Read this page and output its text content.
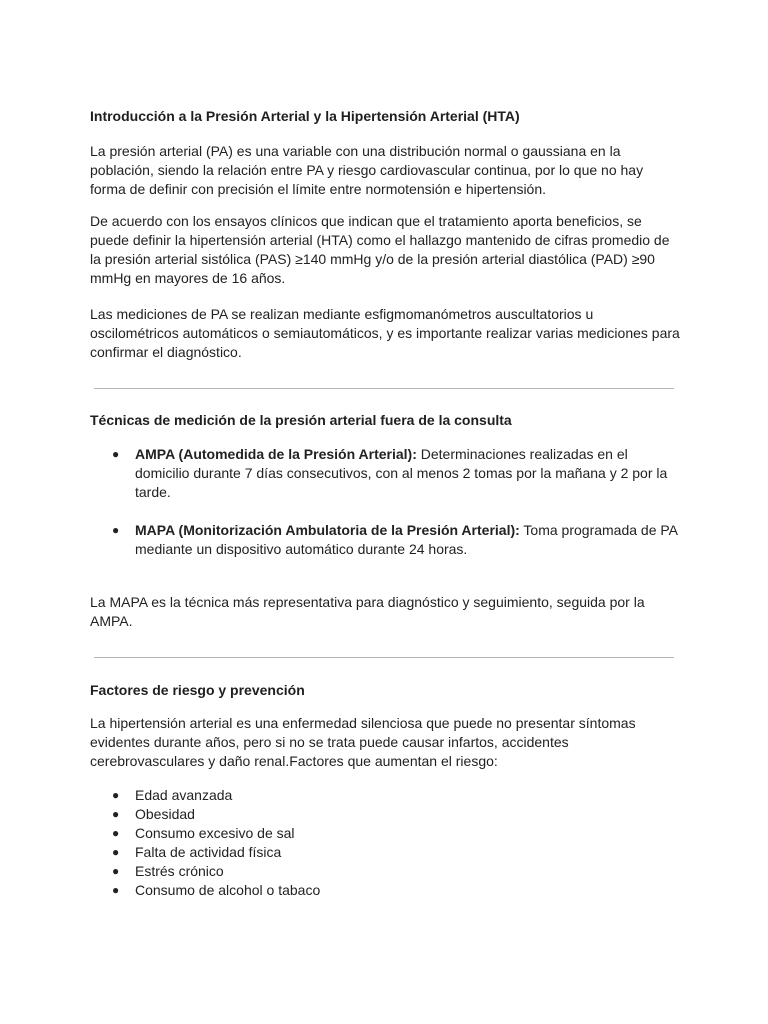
Introducción a la Presión Arterial y la Hipertensión Arterial (HTA)

La presión arterial (PA) es una variable con una distribución normal o gaussiana en la población, siendo la relación entre PA y riesgo cardiovascular continua, por lo que no hay forma de definir con precisión el límite entre normotensión e hipertensión.

De acuerdo con los ensayos clínicos que indican que el tratamiento aporta beneficios, se puede definir la hipertensión arterial (HTA) como el hallazgo mantenido de cifras promedio de la presión arterial sistólica (PAS) ≥140 mmHg y/o de la presión arterial diastólica (PAD) ≥90 mmHg en mayores de 16 años.

Las mediciones de PA se realizan mediante esfigmomanómetros auscultatorios u oscilométricos automáticos o semiautomáticos, y es importante realizar varias mediciones para confirmar el diagnóstico.

Técnicas de medición de la presión arterial fuera de la consulta
● AMPA (Automedida de la Presión Arterial): Determinaciones realizadas en el domicilio durante 7 días consecutivos, con al menos 2 tomas por la mañana y 2 por la tarde.
● MAPA (Monitorización Ambulatoria de la Presión Arterial): Toma programada de PA mediante un dispositivo automático durante 24 horas.

La MAPA es la técnica más representativa para diagnóstico y seguimiento, seguida por la AMPA.

Factores de riesgo y prevención

La hipertensión arterial es una enfermedad silenciosa que puede no presentar síntomas evidentes durante años, pero si no se trata puede causar infartos, accidentes cerebrovasculares y daño renal.Factores que aumentan el riesgo:

● Edad avanzada
● Obesidad
● Consumo excesivo de sal
● Falta de actividad física
● Estrés crónico
● Consumo de alcohol o tabaco
